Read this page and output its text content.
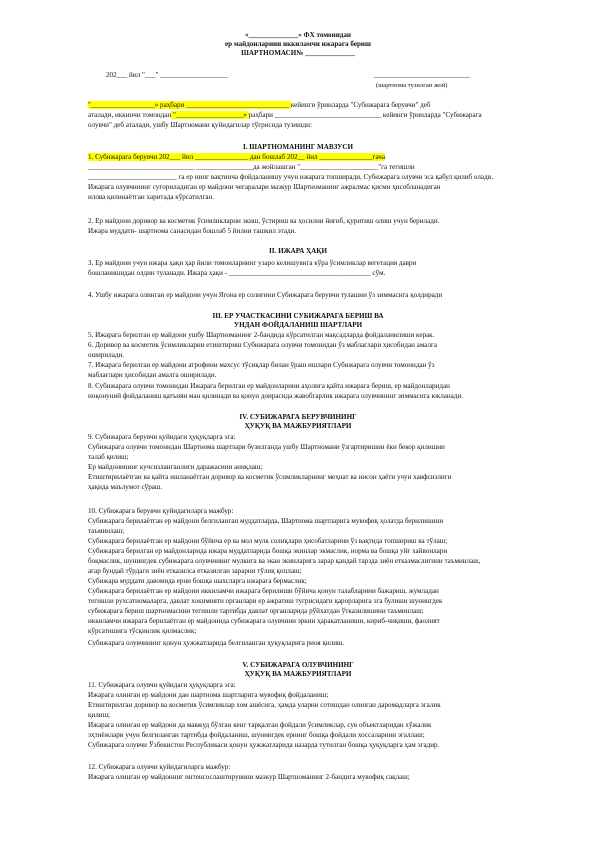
«______________» ФХ томонидан
ер майдонларини иккиламчи ижарага бериш
ШАРТНОМАСИ№ ______________
202___ йил "___" ___________________	___________________________
(шартнома тузилган жой)
"__________________» раҳбари _____________________________ кейинги ўринларда "Субижарага берувчи" деб
аталади, иккинчи томондан "___________________» раҳбари ______________________________ кейинги ўринларда "Субижарага
олувчи" деб аталади, ушбу Шартномани қуйидагилар тўғрисида тузишди:
I. ШАРТНОМАНИНГ МАВЗУСИ
1. Субижарага берувчи 202___ йил _______________ дан бошлаб 202__ йил _______________гача
______________________________ ________________да жойлашган "______________________"га тегишли
_________________________ га ер нинг вақтинча фойдаланишу учун ижарага топширади, Субижарага олувчи эса қабул қилиб олади.
Ижарага олувчининг суғориладиган ер майдони чегаралари мазкур Шартноманинг ажралмас қисми ҳисобланадиган
илова қилинаётган харитада кўрсатилган.
2. Ер майдони доривор ва косметик ўсимликларни экиш, ўстириш ва ҳосилни йиғиб, қуритиш олиш учун берилади.
Ижара муддати- шартнома санасидан бошлаб 5 йилни ташкил этади.
II. ИЖАРА ҲАҚИ
3. Ер майдони учун ижара ҳақи ҳар йили томонларнинг узаро келишувига кўра ўсимликлар вегетация даври
бошланишидан олдин туланади. Ижара ҳақи - ________________________________________ сўм.
4. Ушбу ижарага олинган ер майдони учун Ягона ер солиғини Субижарага берувчи тулашни ўз зиммасига қолдиради
III. ЕР УЧАСТКАСИНИ СУБИЖАРАГА БЕРИШ ВА
УНДАН ФОЙДАЛАНИШ ШАРТЛАРИ
5. Ижарага берилган ер майдони ушбу Шартноманинг 2-бандида кўрсатилган мақсадларда фойдаланилиши керак.
6. Доривор ва косметик ўсимликларни етиштириш Субижарага олувчи томонидан ўз маблағлари ҳисобидан амалга
оширилади.
7. Ижарага берилган ер майдони атрофини махсус тўсиқлар билан ўраш ишлари Субижарага олувчи томонидан ўз
маблағлари ҳисобидан амалга оширилади.
8. Субижарага олувчи томонидан Ижарага берилган ер майдонларини аҳолига қайта ижарага бериш, ер майдонларидан
ноқонуний фойдаланиш қатъиян ман қилинади ва қонун доирасида жавобгарлик ижарага олувчининг зиммасига юкланади.
IV. СУБИЖАРАГА БЕРУВЧИНИНГ
ҲУҚУҚ ВА МАЖБУРИЯТЛАРИ
9. Субижарага берувчи қуйидаги ҳуқуқларга эга:
Субижарага олувчи томонидан Шартнома шартлари бузилганда ушбу Шартномани ўзгартиришни ёки бекор қилишни
талаб қилиш;
Ер майдонининг кучсизланганлиги даражасини аниқлаш;
Етиштирилаётган ва қайта ишланаётган доривор ва косметик ўсимликларнинг меҳнат ва инсон ҳаёти учун хавфсизлиги
ҳақида маълумот сўраш.
10. Субижарага берувчи қуйидагиларга мажбур:
Субижарага берилаётган ер майдони белгиланган муддатларда, Шартнома шартларига мувофиқ ҳолатда берилишини
таъминлаш;
Субижарага берилаётган ер майдони бўйича ер ва мол мулк солиқлари ҳисобатларини ўз вақтида топшириш ва тўлаш;
Субижарага берилган ер майдонларида ижара муддатларида бошқа экинлар экмаслик, норма ва бошқа уйғ хайвонлари
боқмаслик, шунингдек субижарага олувчининг мулкига ва экан экинларига зарар қандай тарзда зиён етказмаслигини таъминлаш,
агар бундай тўрдаги зиён етказилса етказилган зарарни тўлиқ қоплаш;
Субижара муддати давомида ерни бошқа шахсларга ижарага бермаслик;
Субижарага берилаётган ер майдони иккиламчи ижарага берилиши бўйича қонун талабларини бажариш, жумладан
тегишли рухсатномаларга, давлат хокимияти органлари ер ажратиш тугрисидаги қарорларига эга булиши шунингдек
субижарага бериш шартномасини тегишли тартибда давлат органларида рўйхатдан ўтказилишини таъминлаш;
иккиламчи ижарага берилаётган ер майдонида субижарага олувчини эркин ҳаракатланиши, кириб-чиқиши, фаолият
кўрсатишига тўсқинлик қилмаслик;
Субижарага олувчининг қонун ҳужжатларида белгиланган ҳуқуқларига риоя қилиш.
V. СУБИЖАРАГА ОЛУВЧИНИНГ
ҲУҚУҚ ВА МАЖБУРИЯТЛАРИ
11. Субижарага олувчи қуйидаги ҳуқуқларга эга:
Ижарага олинган ер майдони дан шартнома шартларига мувофиқ фойдаланиш;
Етиштирилган доривор ва косметик ўсимликлар хом ашёсига, ҳамда уларни сотишдан олинган даромадларга эгалик
қилиш;
Ижарага олинган ер майдони да мавжуд бўлган кенг тарқалган фойдали ўсимликлар, сув объектларидан хўжалик
эҳтиёжлари учун белгиланган тартибда фойдаланиш, шунингдек ернинг бошқа фойдали хоссаларини эгаллаш;
Субижарага олувчи Ўзбекистон Республикаси қонун ҳужжатларида назарда тутилган бошқа ҳуқуқларга ҳам эгадир.
12. Субижарага олувчи қуйидагиларга мажбур:
Ижарага олинган ер майдонниг интенсослаштирувини мазкур Шартноманинг 2-бандига мувофиқ сақлаш;
